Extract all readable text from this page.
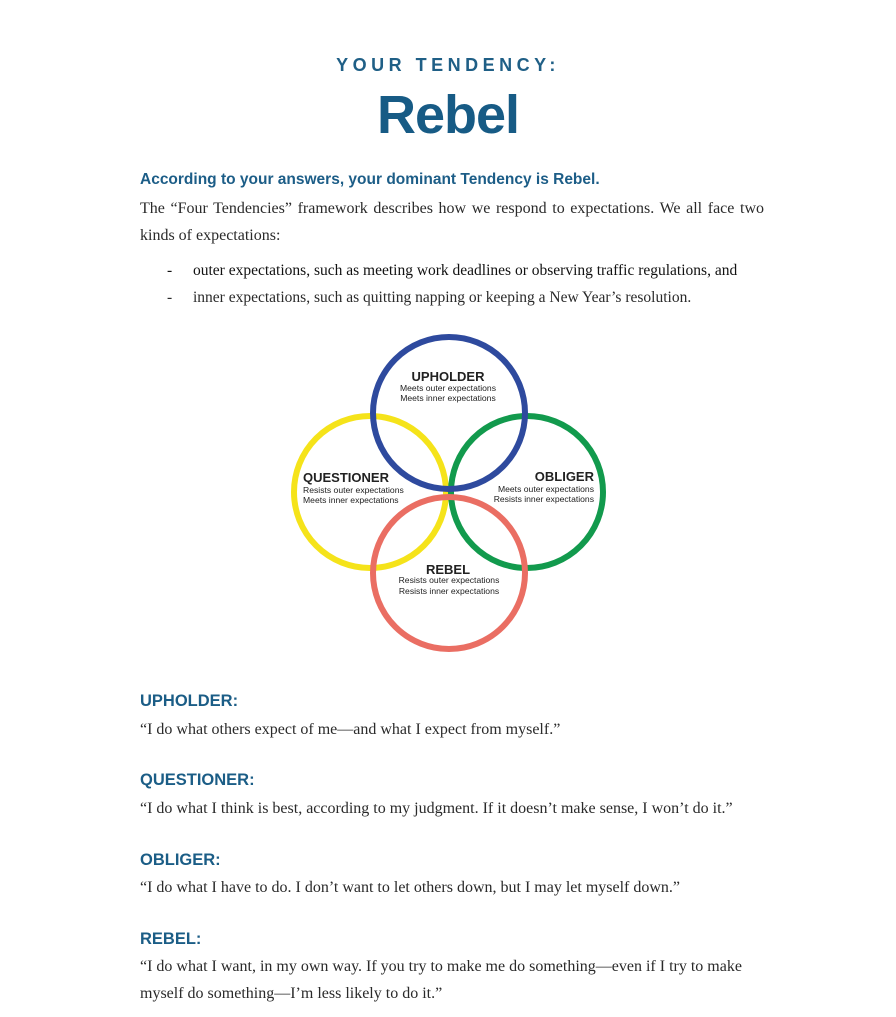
YOUR TENDENCY:
Rebel
According to your answers, your dominant Tendency is Rebel.
The “Four Tendencies” framework describes how we respond to expectations. We all face two kinds of expectations:
- outer expectations, such as meeting work deadlines or observing traffic regulations, and
- inner expectations, such as quitting napping or keeping a New Year’s resolution.
UPHOLDER
Meets outer expectations
Meets inner expectations
QUESTIONER
Resists outer expectations
Meets inner expectations
OBLIGER
Meets outer expectations
Resists inner expectations
REBEL
Resists outer expectations
Resists inner expectations
UPHOLDER:
“I do what others expect of me—and what I expect from myself.”
QUESTIONER:
“I do what I think is best, according to my judgment. If it doesn’t make sense, I won’t do it.”
OBLIGER:
“I do what I have to do. I don’t want to let others down, but I may let myself down.”
REBEL:
“I do what I want, in my own way. If you try to make me do something—even if I try to make myself do something—I’m less likely to do it.”
